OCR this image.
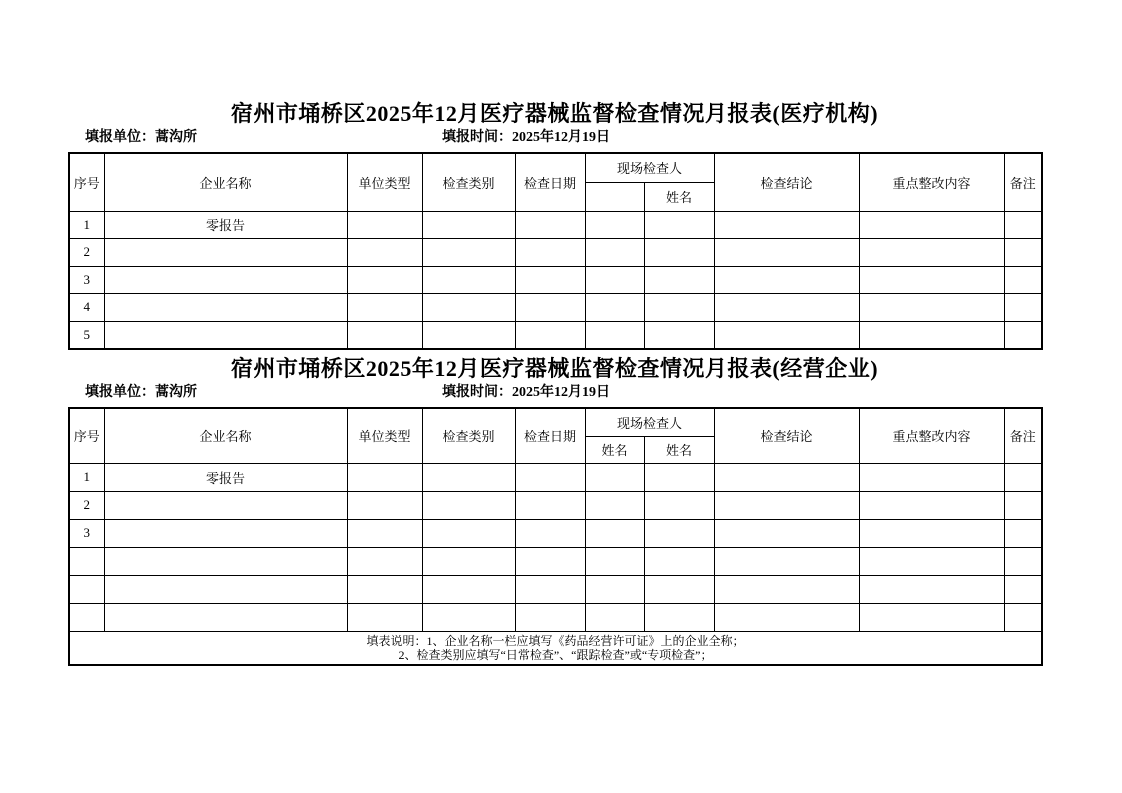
宿州市埇桥区2025年12月医疗器械监督检查情况月报表(医疗机构)
填报单位：蒿沟所	填报时间：2025年12月19日
序号	企业名称	单位类型	检查类别	检查日期	现场检查人		检查结论	重点整改内容	备注
						姓名			
1	零报告								
2									
3									
4									
5									
宿州市埇桥区2025年12月医疗器械监督检查情况月报表(经营企业)
填报单位：蒿沟所	填报时间：2025年12月19日
序号	企业名称	单位类型	检查类别	检查日期	现场检查人		检查结论	重点整改内容	备注
					姓名	姓名			
1	零报告								
2									
3									

填表说明：1、企业名称一栏应填写《药品经营许可证》上的企业全称；
2、检查类别应填写“日常检查”、“跟踪检查”或“专项检查”；									
